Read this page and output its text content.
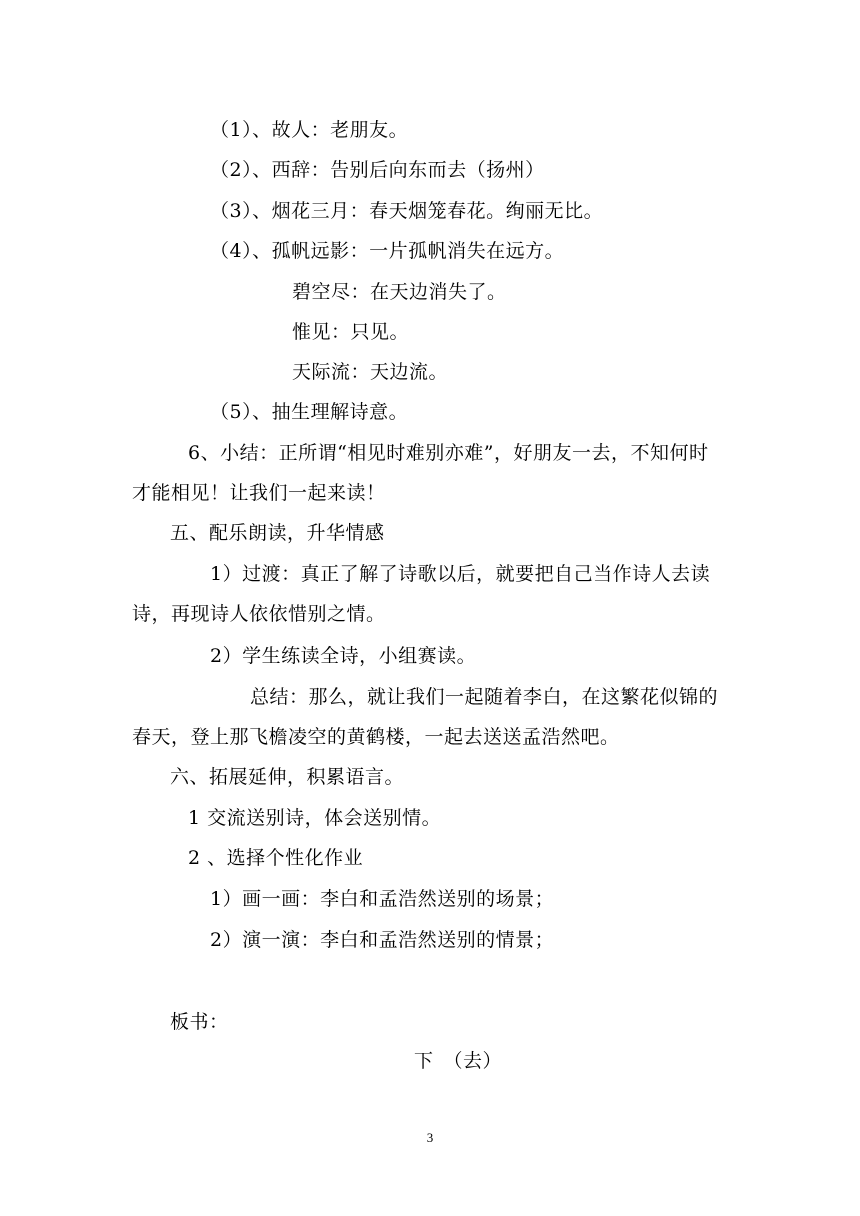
（1）、故人：老朋友。
（2）、西辞：告别后向东而去（扬州）
（3）、烟花三月：春天烟笼春花。绚丽无比。
（4）、孤帆远影：一片孤帆消失在远方。
碧空尽：在天边消失了。
惟见：只见。
天际流：天边流。
（5）、抽生理解诗意。
6、小结：正所谓“相见时难别亦难”，好朋友一去，不知何时
才能相见！让我们一起来读！
五、配乐朗读，升华情感
1）过渡：真正了解了诗歌以后，就要把自己当作诗人去读
诗，再现诗人依依惜别之情。
2）学生练读全诗，小组赛读。
总结：那么，就让我们一起随着李白，在这繁花似锦的
春天，登上那飞檐凌空的黄鹤楼，一起去送送孟浩然吧。
六、拓展延伸，积累语言。
1 交流送别诗，体会送别情。
2 、选择个性化作业
1）画一画：李白和孟浩然送别的场景；
2）演一演：李白和孟浩然送别的情景；
板书：
下　（去）
3
